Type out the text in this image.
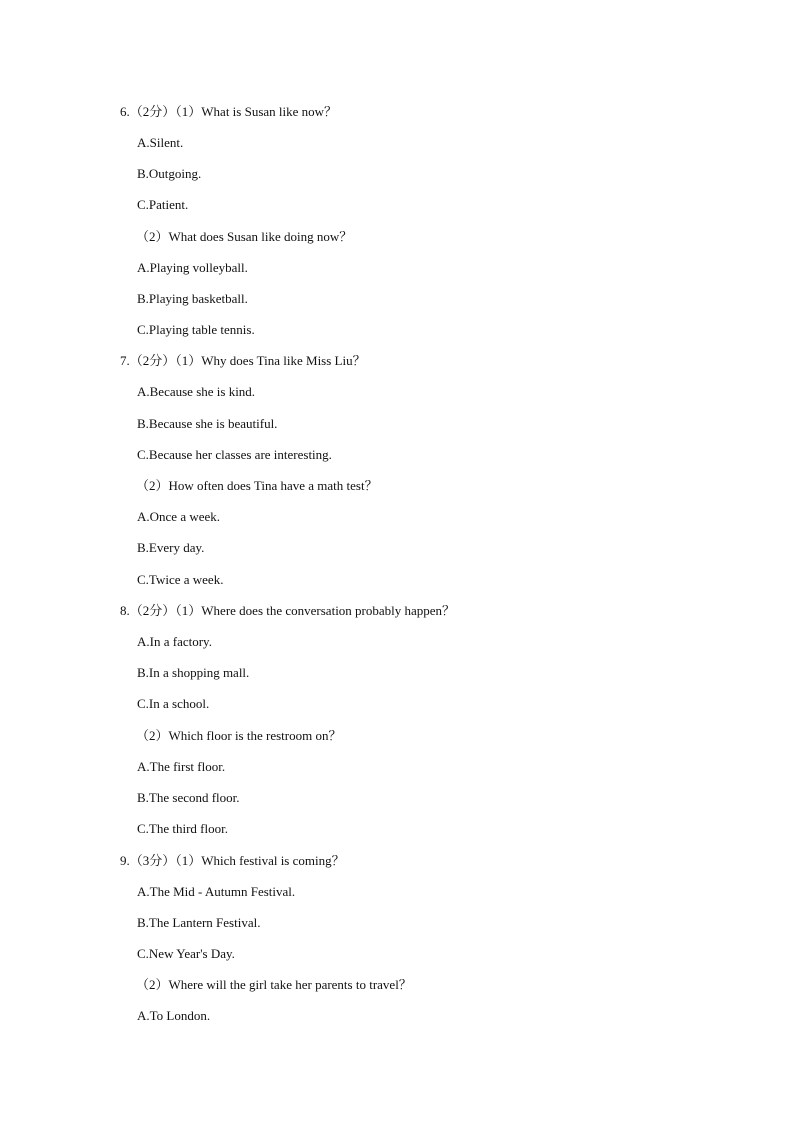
6.（2分）（1）What is Susan like now？
A.Silent.
B.Outgoing.
C.Patient.
（2）What does Susan like doing now？
A.Playing volleyball.
B.Playing basketball.
C.Playing table tennis.
7.（2分）（1）Why does Tina like Miss Liu？
A.Because she is kind.
B.Because she is beautiful.
C.Because her classes are interesting.
（2）How often does Tina have a math test？
A.Once a week.
B.Every day.
C.Twice a week.
8.（2分）（1）Where does the conversation probably happen？
A.In a factory.
B.In a shopping mall.
C.In a school.
（2）Which floor is the restroom on？
A.The first floor.
B.The second floor.
C.The third floor.
9.（3分）（1）Which festival is coming？
A.The Mid - Autumn Festival.
B.The Lantern Festival.
C.New Year's Day.
（2）Where will the girl take her parents to travel？
A.To London.
